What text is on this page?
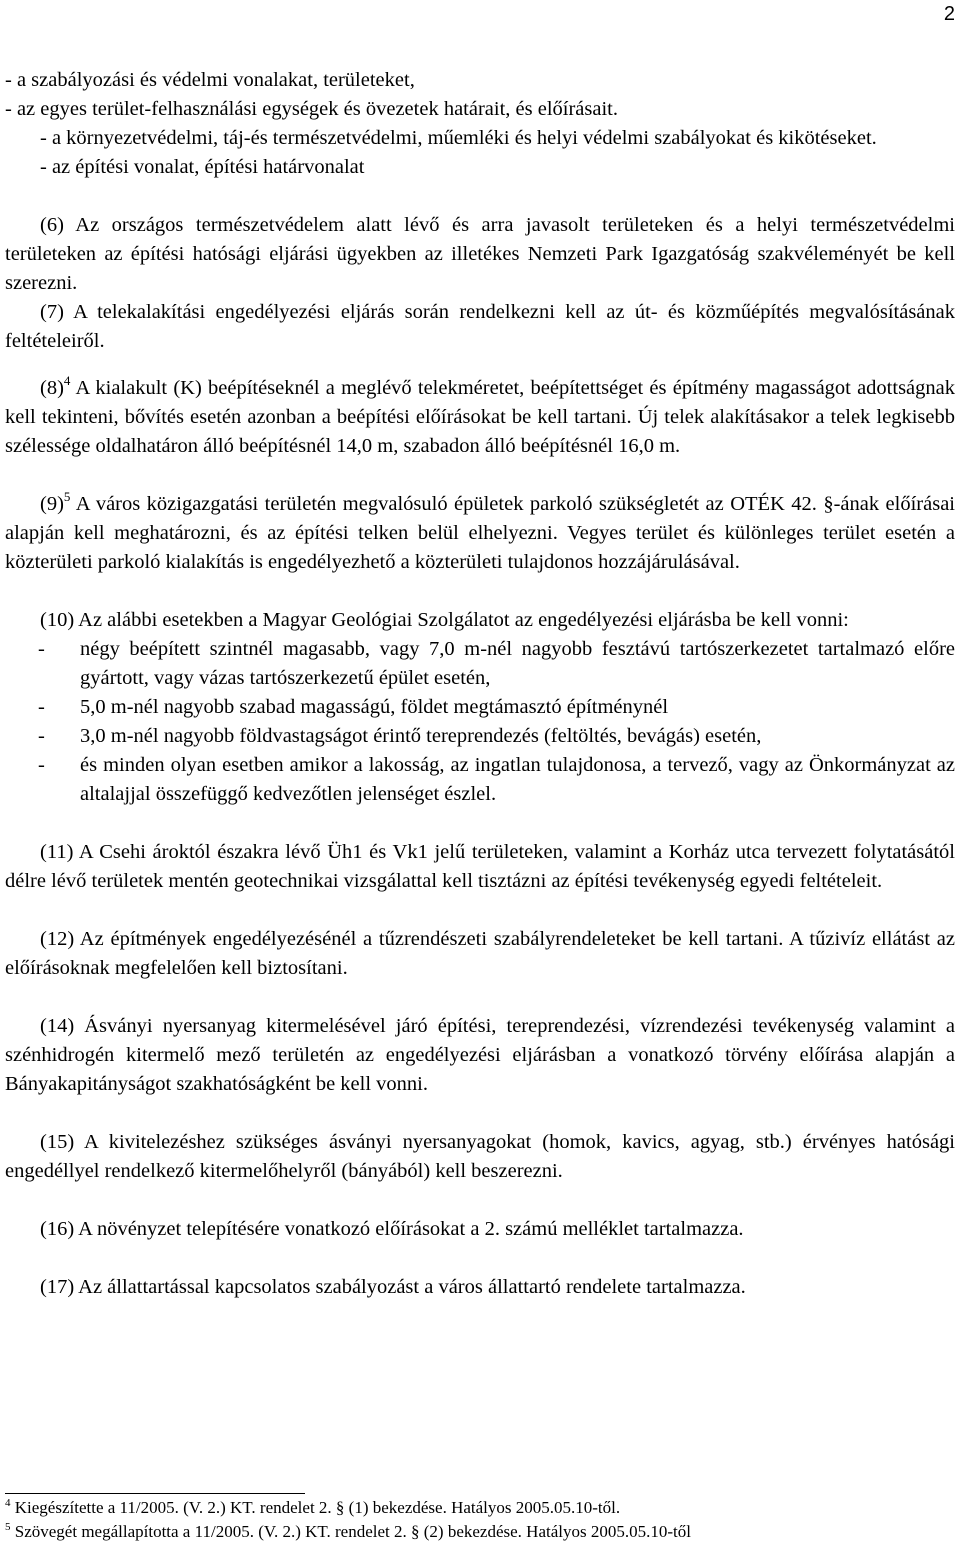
2

- a szabályozási és védelmi vonalakat, területeket,

- az egyes terület-felhasználási egységek és övezetek határait, és előírásait.

- a környezetvédelmi, táj-és természetvédelmi, műemléki és helyi védelmi szabályokat és kikötéseket.

- az építési vonalat, építési határvonalat

(6) Az országos természetvédelem alatt lévő és arra javasolt területeken és a helyi természetvédelmi területeken az építési hatósági eljárási ügyekben az illetékes Nemzeti Park Igazgatóság szakvéleményét be kell szerezni.

(7) A telekalakítási engedélyezési eljárás során rendelkezni kell az út- és közműépítés megvalósításának feltételeiről.

$(8)^4$ A kialakult (K) beépítéseknél a meglévő telekméretet, beépítettséget és építmény magasságot adottságnak kell tekinteni, bővítés esetén azonban a beépítési előírásokat be kell tartani. Új telek alakításakor a telek legkisebb szélessége oldalhatáron álló beépítésnél 14,0 m, szabadon álló beépítésnél 16,0 m.

$(9)^5$ A város közigazgatási területén megvalósuló épületek parkoló szükségletét az OTÉK 42. §-ának előírásai alapján kell meghatározni, és az építési telken belül elhelyezni. Vegyes terület és különleges terület esetén a közterületi parkoló kialakítás is engedélyezhető a közterületi tulajdonos hozzájárulásával.

(10) Az alábbi esetekben a Magyar Geológiai Szolgálatot az engedélyezési eljárásba be kell vonni:

- négy beépített szintnél magasabb, vagy 7,0 m-nél nagyobb fesztávú tartószerkezetet tartalmazó előre gyártott, vagy vázas tartószerkezetű épület esetén,
- 5,0 m-nél nagyobb szabad magasságú, földet megtámasztó építménynél
- 3,0 m-nél nagyobb földvastagságot érintő tereprendezés (feltöltés, bevágás) esetén,
- és minden olyan esetben amikor a lakosság, az ingatlan tulajdonosa, a tervező, vagy az Önkormányzat az altalajjal összefüggő kedvezőtlen jelenséget észlel.

(11) A Csehi ároktól északra lévő Üh1 és Vk1 jelű területeken, valamint a Korház utca tervezett folytatásától délre lévő területek mentén geotechnikai vizsgálattal kell tisztázni az építési tevékenység egyedi feltételeit.

(12) Az építmények engedélyezésénél a tűzrendészeti szabályrendeleteket be kell tartani. A tűzivíz ellátást az előírásoknak megfelelően kell biztosítani.

(14) Ásványi nyersanyag kitermelésével járó építési, tereprendezési, vízrendezési tevékenység valamint a szénhidrogén kitermelő mező területén az engedélyezési eljárásban a vonatkozó törvény előírása alapján a Bányakapitányságot szakhatóságként be kell vonni.

(15) A kivitelezéshez szükséges ásványi nyersanyagokat (homok, kavics, agyag, stb.) érvényes hatósági engedéllyel rendelkező kitermelőhelyről (bányából) kell beszerezni.

(16) A növényzet telepítésére vonatkozó előírásokat a 2. számú melléklet tartalmazza.

(17) Az állattartással kapcsolatos szabályozást a város állattartó rendelete tartalmazza.

$^4$ Kiegészítette a 11/2005. (V. 2.) KT. rendelet 2. § (1) bekezdése. Hatályos 2005.05.10-től.

$^5$ Szövegét megállapította a 11/2005. (V. 2.) KT. rendelet 2. § (2) bekezdése. Hatályos 2005.05.10-től
